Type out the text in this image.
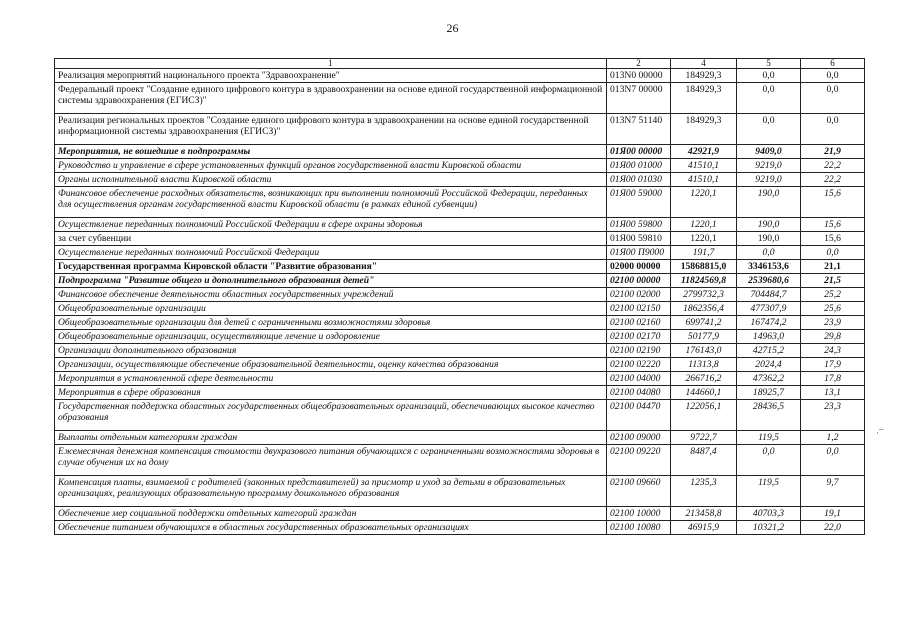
26
1	2	4	5	6
Реализация мероприятий национального проекта "Здравоохранение"	013N0 00000	184929,3	0,0	0,0
Федеральный проект "Создание единого цифрового контура в здравоохранении на основе единой государственной информационной системы здравоохранения (ЕГИСЗ)"	013N7 00000	184929,3	0,0	0,0
Реализация региональных проектов "Создание единого цифрового контура в здравоохранении на основе единой государственной информационной системы здравоохранения (ЕГИСЗ)"	013N7 51140	184929,3	0,0	0,0
Мероприятия, не вошедшие в подпрограммы	01Я00 00000	42921,9	9409,0	21,9
Руководство и управление в сфере установленных функций органов государственной власти Кировской области	01Я00 01000	41510,1	9219,0	22,2
Органы исполнительной власти Кировской области	01Я00 01030	41510,1	9219,0	22,2
Финансовое обеспечение расходных обязательств, возникающих при выполнении полномочий Российской Федерации, переданных для осуществления органам государственной власти Кировской области (в рамках единой субвенции)	01Я00 59000	1220,1	190,0	15,6
Осуществление переданных полномочий Российской Федерации в сфере охраны здоровья	01Я00 59800	1220,1	190,0	15,6
за счет субвенции	01Я00 59810	1220,1	190,0	15,6
Осуществление переданных полномочий Российской Федерации	01Я00 П9000	191,7	0,0	0,0
Государственная программа Кировской области "Развитие образования"	02000 00000	15868815,0	3346153,6	21,1
Подпрограмма "Развитие общего и дополнительного образования детей"	02100 00000	11824569,8	2539680,6	21,5
Финансовое обеспечение деятельности областных государственных учреждений	02100 02000	2799732,3	704484,7	25,2
Общеобразовательные организации	02100 02150	1862356,4	477307,9	25,6
Общеобразовательные организации для детей с ограниченными возможностями здоровья	02100 02160	699741,2	167474,2	23,9
Общеобразовательные организации, осуществляющие лечение и оздоровление	02100 02170	50177,9	14963,0	29,8
Организации дополнительного образования	02100 02190	176143,0	42715,2	24,3
Организации, осуществляющие обеспечение образовательной деятельности, оценку качества образования	02100 02220	11313,8	2024,4	17,9
Мероприятия в установленной сфере деятельности	02100 04000	266716,2	47362,2	17,8
Мероприятия в сфере образования	02100 04080	144660,1	18925,7	13,1
Государственная поддержка областных государственных общеобразовательных организаций, обеспечивающих высокое качество образования	02100 04470	122056,1	28436,5	23,3
Выплаты отдельным категориям граждан	02100 09000	9722,7	119,5	1,2
Ежемесячная денежная компенсация стоимости двухразового питания обучающихся с ограниченными возможностями здоровья в случае обучения их на дому	02100 09220	8487,4	0,0	0,0
Компенсация платы, взимаемой с родителей (законных представителей) за присмотр и уход за детьми в образовательных организациях, реализующих образовательную программу дошкольного образования	02100 09660	1235,3	119,5	9,7
Обеспечение мер социальной поддержки отдельных категорий граждан	02100 10000	213458,8	40703,3	19,1
Обеспечение питанием обучающихся в областных государственных образовательных организациях	02100 10080	46915,9	10321,2	22,0
·¯
